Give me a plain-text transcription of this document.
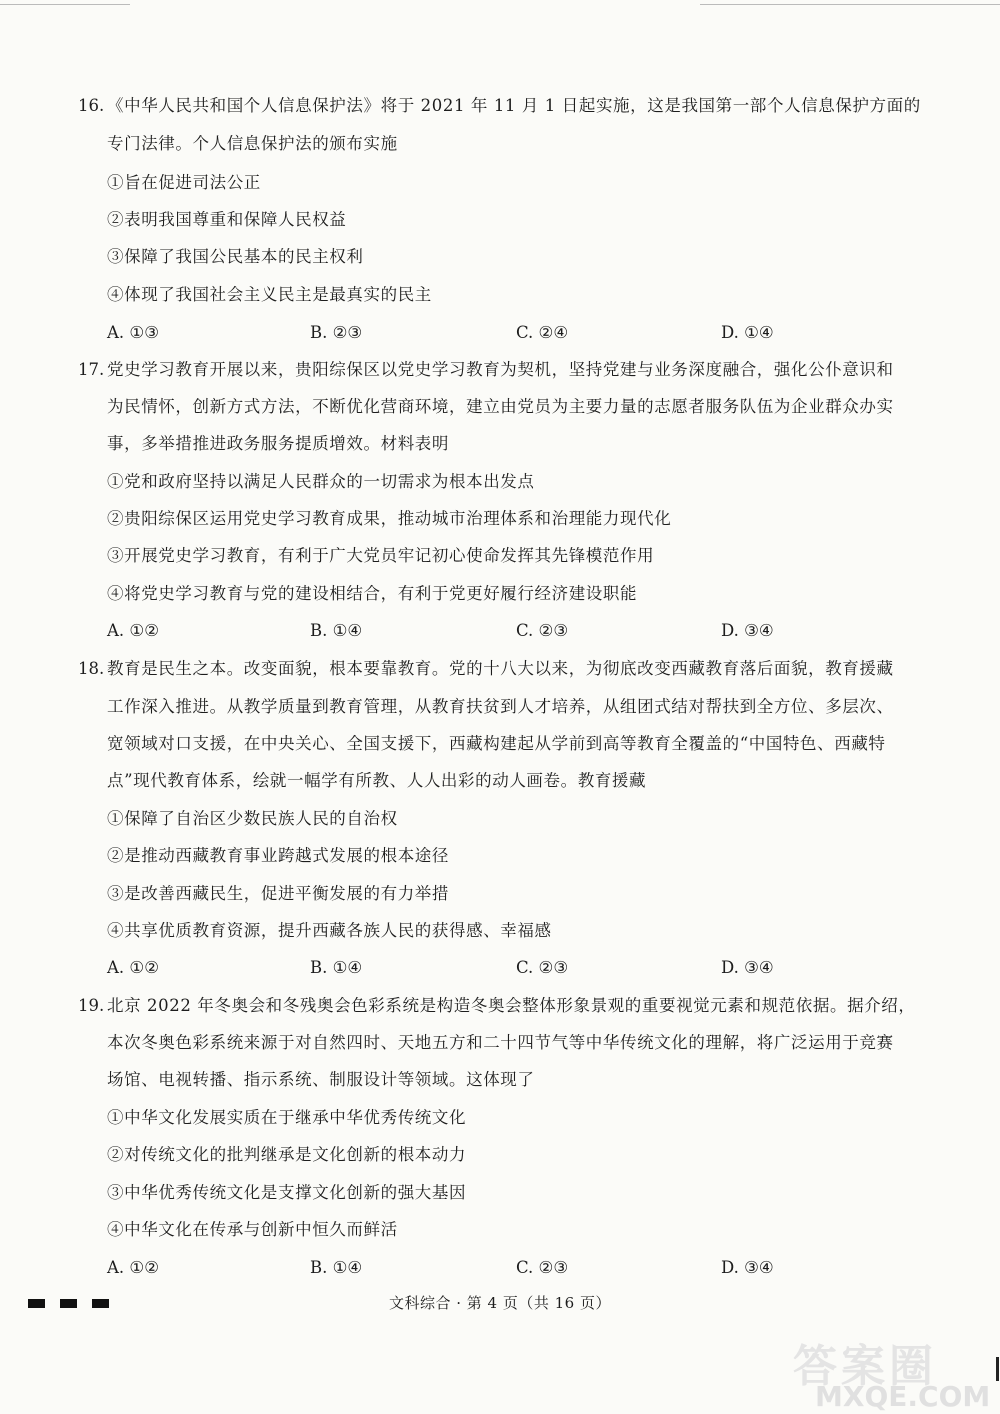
16. 《中华人民共和国个人信息保护法》将于 2021 年 11 月 1 日起实施，这是我国第一部个人信息保护方面的
专门法律。个人信息保护法的颁布实施
①旨在促进司法公正
②表明我国尊重和保障人民权益
③保障了我国公民基本的民主权利
④体现了我国社会主义民主是最真实的民主
A. ①③	B. ②③	C. ②④	D. ①④
17. 党史学习教育开展以来，贵阳综保区以党史学习教育为契机，坚持党建与业务深度融合，强化公仆意识和
为民情怀，创新方式方法，不断优化营商环境，建立由党员为主要力量的志愿者服务队伍为企业群众办实
事，多举措推进政务服务提质增效。材料表明
①党和政府坚持以满足人民群众的一切需求为根本出发点
②贵阳综保区运用党史学习教育成果，推动城市治理体系和治理能力现代化
③开展党史学习教育，有利于广大党员牢记初心使命发挥其先锋模范作用
④将党史学习教育与党的建设相结合，有利于党更好履行经济建设职能
A. ①②	B. ①④	C. ②③	D. ③④
18. 教育是民生之本。改变面貌，根本要靠教育。党的十八大以来，为彻底改变西藏教育落后面貌，教育援藏
工作深入推进。从教学质量到教育管理，从教育扶贫到人才培养，从组团式结对帮扶到全方位、多层次、
宽领域对口支援，在中央关心、全国支援下，西藏构建起从学前到高等教育全覆盖的“中国特色、西藏特
点”现代教育体系，绘就一幅学有所教、人人出彩的动人画卷。教育援藏
①保障了自治区少数民族人民的自治权
②是推动西藏教育事业跨越式发展的根本途径
③是改善西藏民生，促进平衡发展的有力举措
④共享优质教育资源，提升西藏各族人民的获得感、幸福感
A. ①②	B. ①④	C. ②③	D. ③④
19. 北京 2022 年冬奥会和冬残奥会色彩系统是构造冬奥会整体形象景观的重要视觉元素和规范依据。据介绍，
本次冬奥色彩系统来源于对自然四时、天地五方和二十四节气等中华传统文化的理解，将广泛运用于竞赛
场馆、电视转播、指示系统、制服设计等领域。这体现了
①中华文化发展实质在于继承中华优秀传统文化
②对传统文化的批判继承是文化创新的根本动力
③中华优秀传统文化是支撑文化创新的强大基因
④中华文化在传承与创新中恒久而鲜活
A. ①②	B. ①④	C. ②③	D. ③④
文科综合 · 第 4 页（共 16 页）
答案圈
MXQE.COM
